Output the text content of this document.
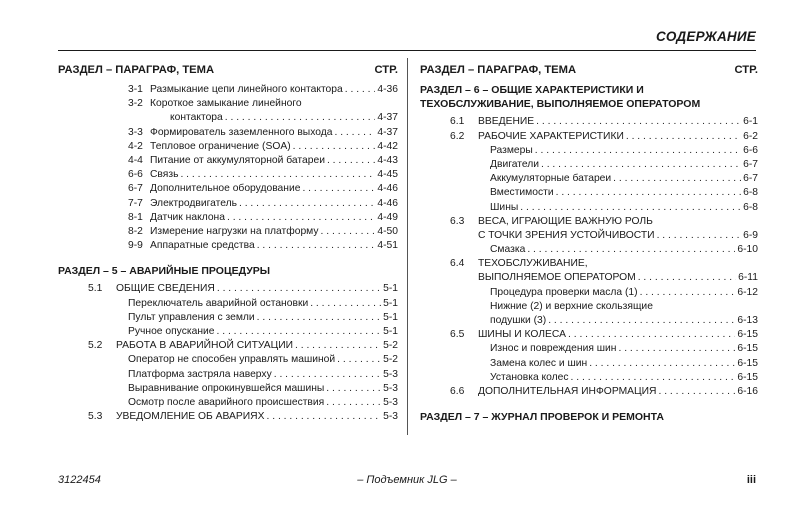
СОДЕРЖАНИЕ
РАЗДЕЛ – ПАРАГРАФ, ТЕМА	СТР.
3-1 Размыкание цепи линейного контактора . . .	4-36
3-2 Короткое замыкание линейного
контактора . . .	4-37
3-3 Формирователь заземленного выхода . . .	4-37
4-2 Тепловое ограничение (SOA) . . .	4-42
4-4 Питание от аккумуляторной батареи . . .	4-43
6-6 Связь . . .	4-45
6-7 Дополнительное оборудование . . .	4-46
7-7 Электродвигатель . . .	4-46
8-1 Датчик наклона . . .	4-49
8-2 Измерение нагрузки на платформу . . .	4-50
9-9 Аппаратные средства . . .	4-51
РАЗДЕЛ – 5 – АВАРИЙНЫЕ ПРОЦЕДУРЫ
5.1	ОБЩИЕ СВЕДЕНИЯ . . .	5-1
Переключатель аварийной остановки . . .	5-1
Пульт управления с земли . . .	5-1
Ручное опускание . . .	5-1
5.2	РАБОТА В АВАРИЙНОЙ СИТУАЦИИ . . .	5-2
Оператор не способен управлять машиной . . .	5-2
Платформа застряла наверху . . .	5-3
Выравнивание опрокинувшейся машины . . .	5-3
Осмотр после аварийного происшествия . . .	5-3
5.3	УВЕДОМЛЕНИЕ ОБ АВАРИЯХ . . .	5-3
РАЗДЕЛ – ПАРАГРАФ, ТЕМА	СТР.
РАЗДЕЛ – 6 – ОБЩИЕ ХАРАКТЕРИСТИКИ И
ТЕХОБСЛУЖИВАНИЕ, ВЫПОЛНЯЕМОЕ ОПЕРАТОРОМ
6.1	ВВЕДЕНИЕ . . .	6-1
6.2	РАБОЧИЕ ХАРАКТЕРИСТИКИ . . .	6-2
Размеры . . .	6-6
Двигатели . . .	6-7
Аккумуляторные батареи . . .	6-7
Вместимости . . .	6-8
Шины . . .	6-8
6.3	ВЕСА, ИГРАЮЩИЕ ВАЖНУЮ РОЛЬ
С ТОЧКИ ЗРЕНИЯ УСТОЙЧИВОСТИ . . .	6-9
Смазка . . .	6-10
6.4	ТЕХОБСЛУЖИВАНИЕ,
ВЫПОЛНЯЕМОЕ ОПЕРАТОРОМ . . .	6-11
Процедура проверки масла (1) . . .	6-12
Нижние (2) и верхние скользящие
подушки (3) . . .	6-13
6.5	ШИНЫ И КОЛЕСА . . .	6-15
Износ и повреждения шин . . .	6-15
Замена колес и шин . . .	6-15
Установка колес . . .	6-15
6.6	ДОПОЛНИТЕЛЬНАЯ ИНФОРМАЦИЯ . . .	6-16
РАЗДЕЛ – 7 – ЖУРНАЛ ПРОВЕРОК И РЕМОНТА
3122454	– Подъемник JLG –	iii
